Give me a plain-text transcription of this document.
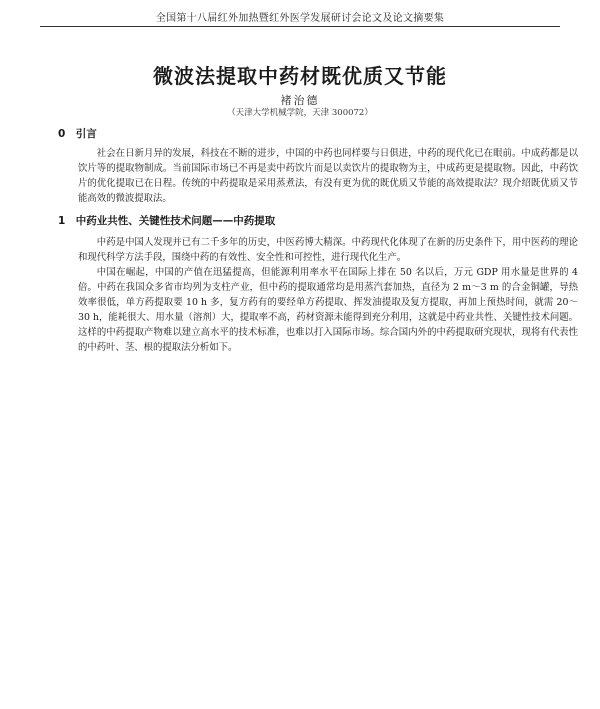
全国第十八届红外加热暨红外医学发展研讨会论文及论文摘要集
微波法提取中药材既优质又节能
褚治德
（天津大学机械学院，天津 300072）
0　引言
社会在日新月异的发展，科技在不断的进步，中国的中药也同样要与日俱进，中药的现代化已在眼前。中成药都是以饮片等的提取物制成。当前国际市场已不再是卖中药饮片而是以卖饮片的提取物为主，中成药更是提取物。因此，中药饮片的优化提取已在日程。传统的中药提取是采用蒸煮法，有没有更为优的既优质又节能的高效提取法？现介绍既优质又节能高效的微波提取法。
1　中药业共性、关键性技术问题——中药提取
中药是中国人发现并已有二千多年的历史，中医药博大精深。中药现代化体现了在新的历史条件下，用中医药的理论和现代科学方法手段，围绕中药的有效性、安全性和可控性，进行现代化生产。
中国在崛起，中国的产值在迅猛提高，但能源利用率水平在国际上排在 50 名以后，万元 GDP 用水量是世界的 4 倍。中药在我国众多省市均列为支柱产业，但中药的提取通常均是用蒸汽套加热，直径为 2 m～3 m 的合金铜罐，导热效率很低，单方药提取要 10 h 多，复方药有的要经单方药提取、挥发油提取及复方提取，再加上预热时间，就需 20～30 h，能耗很大、用水量（溶剂）大，提取率不高，药材资源未能得到充分利用，这就是中药业共性、关键性技术问题。这样的中药提取产物难以建立高水平的技术标准，也难以打入国际市场。综合国内外的中药提取研究现状，现将有代表性的中药叶、茎、根的提取法分析如下。
